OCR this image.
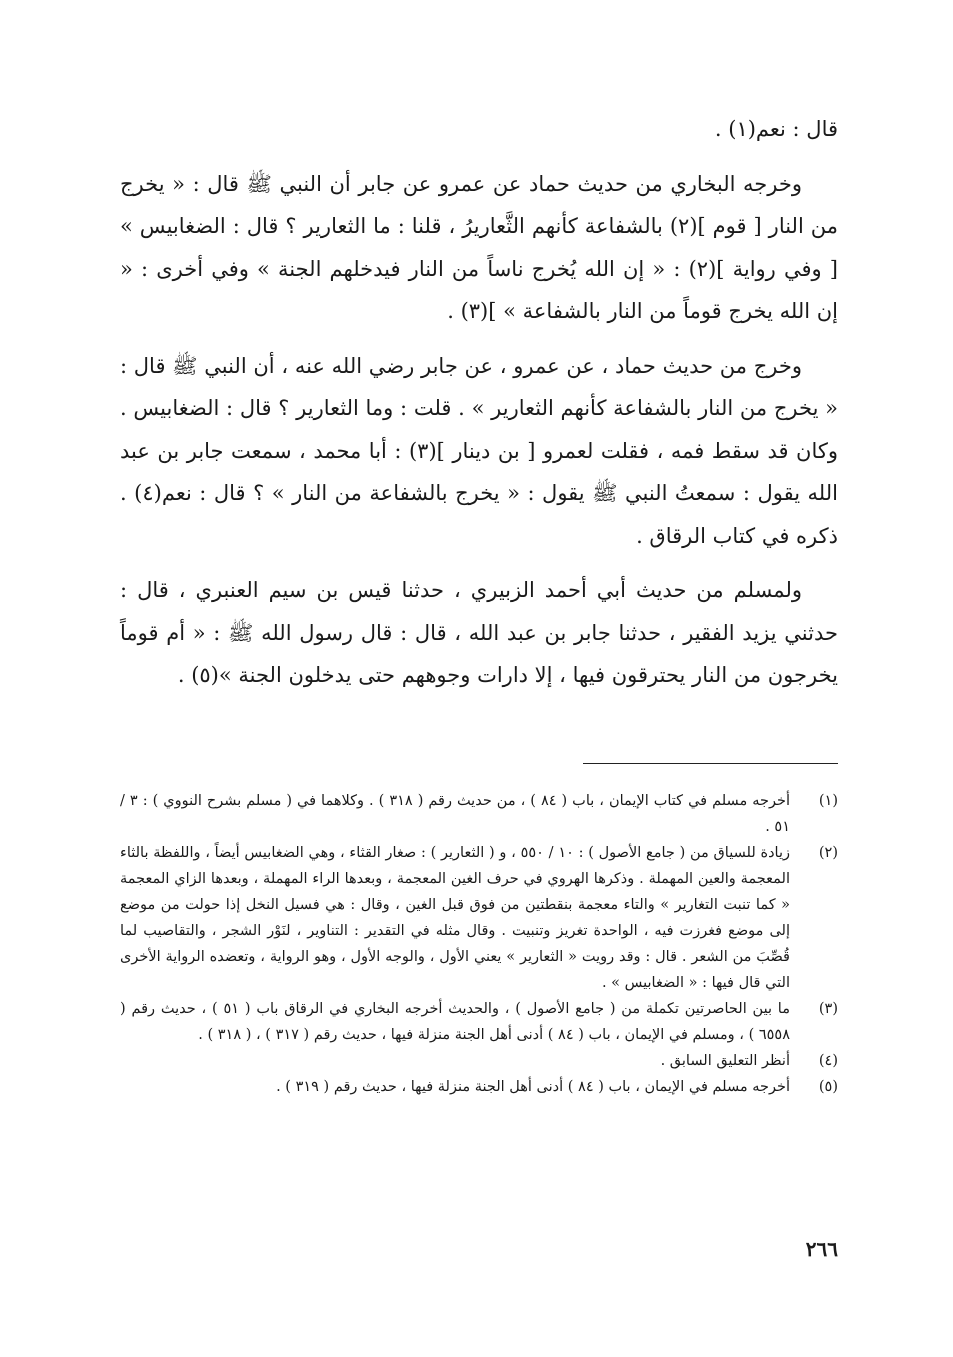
قال : نعم(١) .

وخرجه البخاري من حديث حماد عن عمرو عن جابر أن النبي ﷺ قال : « يخرج من النار [ قوم ](٢) بالشفاعة كأنهم الثَّعاريرُ ، قلنا : ما الثعارير ؟ قال : الضغابيس » [ وفي رواية ](٢) : « إن الله يُخرج ناساً من النار فيدخلهم الجنة » وفي أخرى : « إن الله يخرج قوماً من النار بالشفاعة » ](٣) .

وخرج من حديث حماد ، عن عمرو ، عن جابر رضي الله عنه ، أن النبي ﷺ قال : « يخرج من النار بالشفاعة كأنهم الثعارير » . قلت : وما الثعارير ؟ قال : الضغابيس . وكان قد سقط فمه ، فقلت لعمرو [ بن دينار ](٣) : أبا محمد ، سمعت جابر بن عبد الله يقول : سمعتُ النبي ﷺ يقول : « يخرج بالشفاعة من النار » ؟ قال : نعم(٤) . ذكره في كتاب الرقاق .

ولمسلم من حديث أبي أحمد الزبيري ، حدثنا قيس بن سيم العنبري ، قال : حدثني يزيد الفقير ، حدثنا جابر بن عبد الله ، قال : قال رسول الله ﷺ : « أم قوماً يخرجون من النار يحترقون فيها ، إلا دارات وجوههم حتى يدخلون الجنة »(٥) .

(١)
أخرجه مسلم في كتاب الإيمان ، باب ( ٨٤ ) ، من حديث رقم ( ٣١٨ ) . وكلاهما في ( مسلم بشرح النووي ) : ٣ / ٥١ .
(٢)
زيادة للسياق من ( جامع الأصول ) : ١٠ / ٥٥٠ ، و ( الثعارير ) : صغار القثاء ، وهي الضغابيس أيضاً ، واللفظة بالثاء المعجمة والعين المهملة . وذكرها الهروي في حرف الغين المعجمة ، وبعدها الراء المهملة ، وبعدها الزاي المعجمة « كما تنبت التغارير » والتاء معجمة بنقطتين من فوق قبل الغين ، وقال : هي فسيل النخل إذا حولت من موضع إلى موضع فغرزت فيه ، الواحدة تغريز وتنبيت . وقال مثله في التقدير : التناوير ، لنَوْر الشجر ، والتقاصيب لما قُصِّبَ من الشعر . قال : وقد رويت « الثعارير » يعني الأول ، والوجه الأول ، وهو الرواية ، وتعضده الرواية الأخرى التي قال فيها : « الضغابيس » .
(٣)
ما بين الحاصرتين تكملة من ( جامع الأصول ) ، والحديث أخرجه البخاري في الرقاق باب ( ٥١ ) ، حديث رقم ( ٦٥٥٨ ) ، ومسلم في الإيمان ، باب ( ٨٤ ) أدنى أهل الجنة منزلة فيها ، حديث رقم ( ٣١٧ ) ، ( ٣١٨ ) .
(٤)
أنظر التعليق السابق .
(٥)
أخرجه مسلم في الإيمان ، باب ( ٨٤ ) أدنى أهل الجنة منزلة فيها ، حديث رقم ( ٣١٩ ) .
٢٦٦
